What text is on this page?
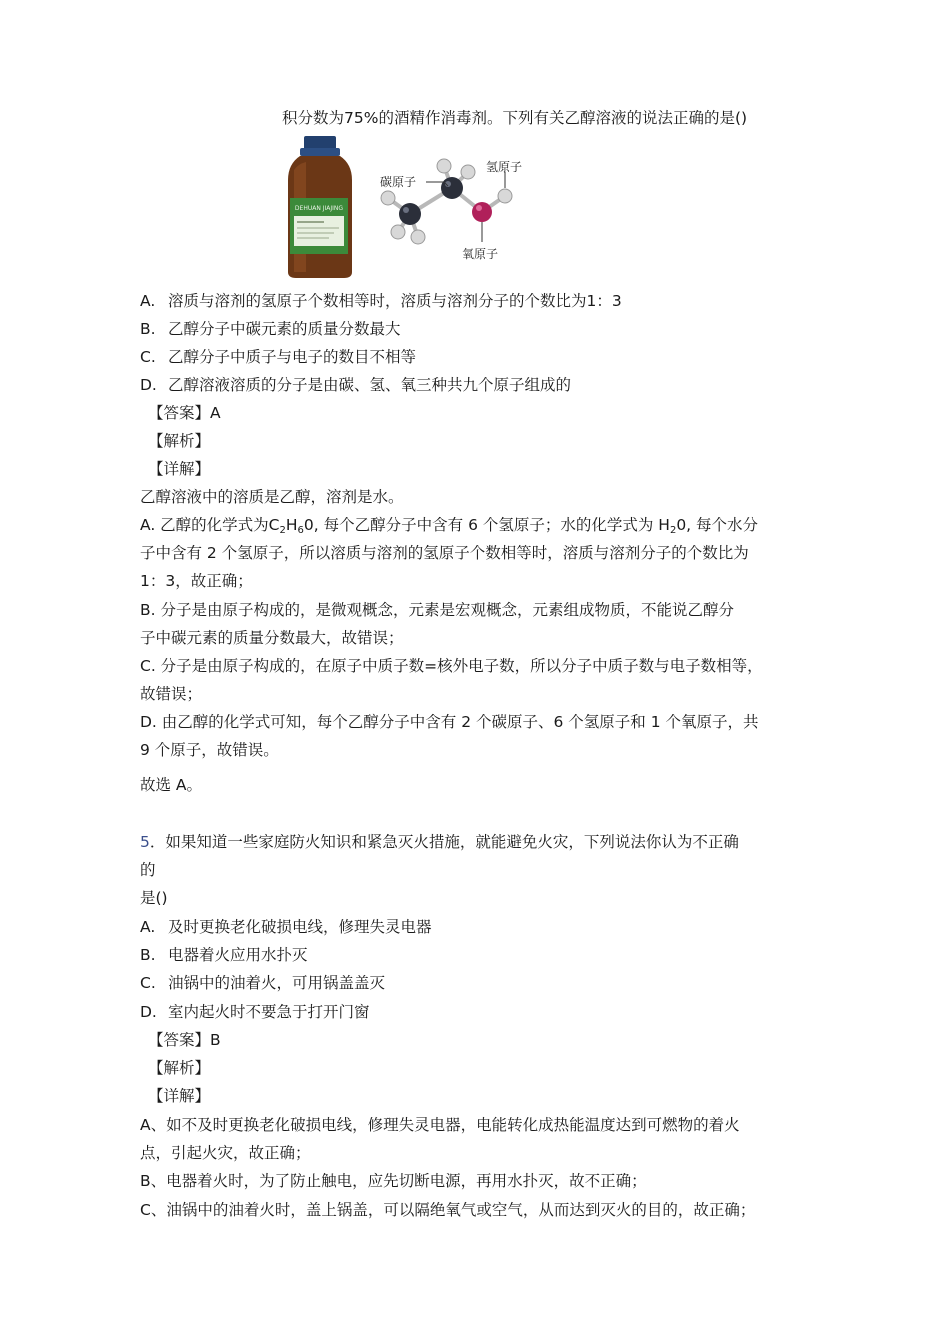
积分数为75%的酒精作消毒剂。下列有关乙醇溶液的说法正确的是()
DEHUAN JIAJING
碳原子
氢原子
氧原子
A. 溶质与溶剂的氢原子个数相等时，溶质与溶剂分子的个数比为1：3
B. 乙醇分子中碳元素的质量分数最大
C. 乙醇分子中质子与电子的数目不相等
D. 乙醇溶液溶质的分子是由碳、氢、氧三种共九个原子组成的
【答案】A
【解析】
【详解】
乙醇溶液中的溶质是乙醇，溶剂是水。
A. 乙醇的化学式为$C_2H_60$, 每个乙醇分子中含有 6 个氢原子；水的化学式为 $H_20$, 每个水分
子中含有 2 个氢原子，所以溶质与溶剂的氢原子个数相等时，溶质与溶剂分子的个数比为
1：3，故正确；
B. 分子是由原子构成的，是微观概念，元素是宏观概念，元素组成物质，不能说乙醇分
子中碳元素的质量分数最大，故错误；
C. 分子是由原子构成的，在原子中质子数=核外电子数，所以分子中质子数与电子数相等，
故错误；
D. 由乙醇的化学式可知，每个乙醇分子中含有 2 个碳原子、6 个氢原子和 1 个氧原子，共
9 个原子，故错误。
故选 A。
5．如果知道一些家庭防火知识和紧急灭火措施，就能避免火灾，下列说法你认为不正确
的
是()
A. 及时更换老化破损电线，修理失灵电器
B. 电器着火应用水扑灭
C. 油锅中的油着火，可用锅盖盖灭
D. 室内起火时不要急于打开门窗
【答案】B
【解析】
【详解】
A、如不及时更换老化破损电线，修理失灵电器，电能转化成热能温度达到可燃物的着火
点，引起火灾，故正确；
B、电器着火时，为了防止触电，应先切断电源，再用水扑灭，故不正确；
C、油锅中的油着火时，盖上锅盖，可以隔绝氧气或空气，从而达到灭火的目的，故正确；
